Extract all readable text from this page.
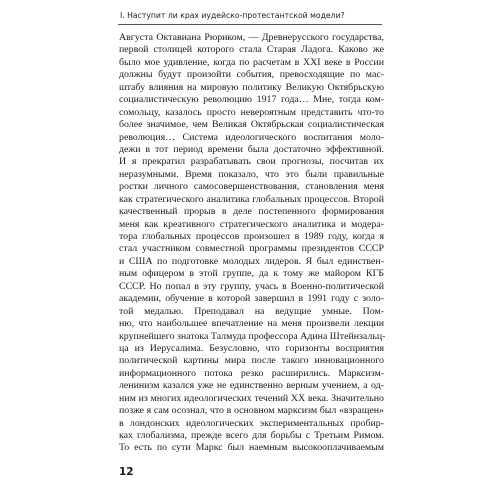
I. Наступит ли крах иудейско-протестантской модели?
Августа Октавиана Рюриком, — Древнерусского государства,
первой столицей которого стала Старая Ладога. Каково же
было мое удивление, когда по расчетам в XXI веке в России
должны будут произойти события, превосходящие по мас-
штабу влияния на мировую политику Великую Октябрьскую
социалистическую революцию 1917 года… Мне, тогда ком-
сомольцу, казалось просто невероятным представить что-то
более значимое, чем Великая Октябрьская социалистическая
революция… Система идеологического воспитания моло-
дежи в тот период времени была достаточно эффективной.
И я прекратил разрабатывать свои прогнозы, посчитав их
неразумными. Время показало, что это были правильные
ростки личного самосовершенствования, становления меня
как стратегического аналитика глобальных процессов. Второй
качественный прорыв в деле постепенного формирования
меня как креативного стратегического аналитика и модера-
тора глобальных процессов произошел в 1989 году, когда я
стал участником совместной программы президентов СССР
и США по подготовке молодых лидеров. Я был единствен-
ным офицером в этой группе, да к тому же майором КГБ
СССР. Но попал в эту группу, учась в Военно-политической
академии, обучение в которой завершил в 1991 году с золо-
той медалью. Преподавал на ведущие умные. Пом-
ню, что наибольшее впечатление на меня произвели лекции
крупнейшего знатока Талмуда профессора Адина Штейнзальц-
ца из Иерусалима. Безусловно, что горизонты восприятия
политической картины мира после такого инновационного
информационного потока резко расширились. Марксизм-
ленинизм казался уже не единственно верным учением, а од-
ним из многих идеологических течений XX века. Значительно
позже я сам осознал, что в основном марксизм был «взращен»
в лондонских идеологических экспериментальных пробир-
ках глобализма, прежде всего для борьбы с Третьим Римом.
То есть по сути Маркс был наемным высокооплачиваемым
12
